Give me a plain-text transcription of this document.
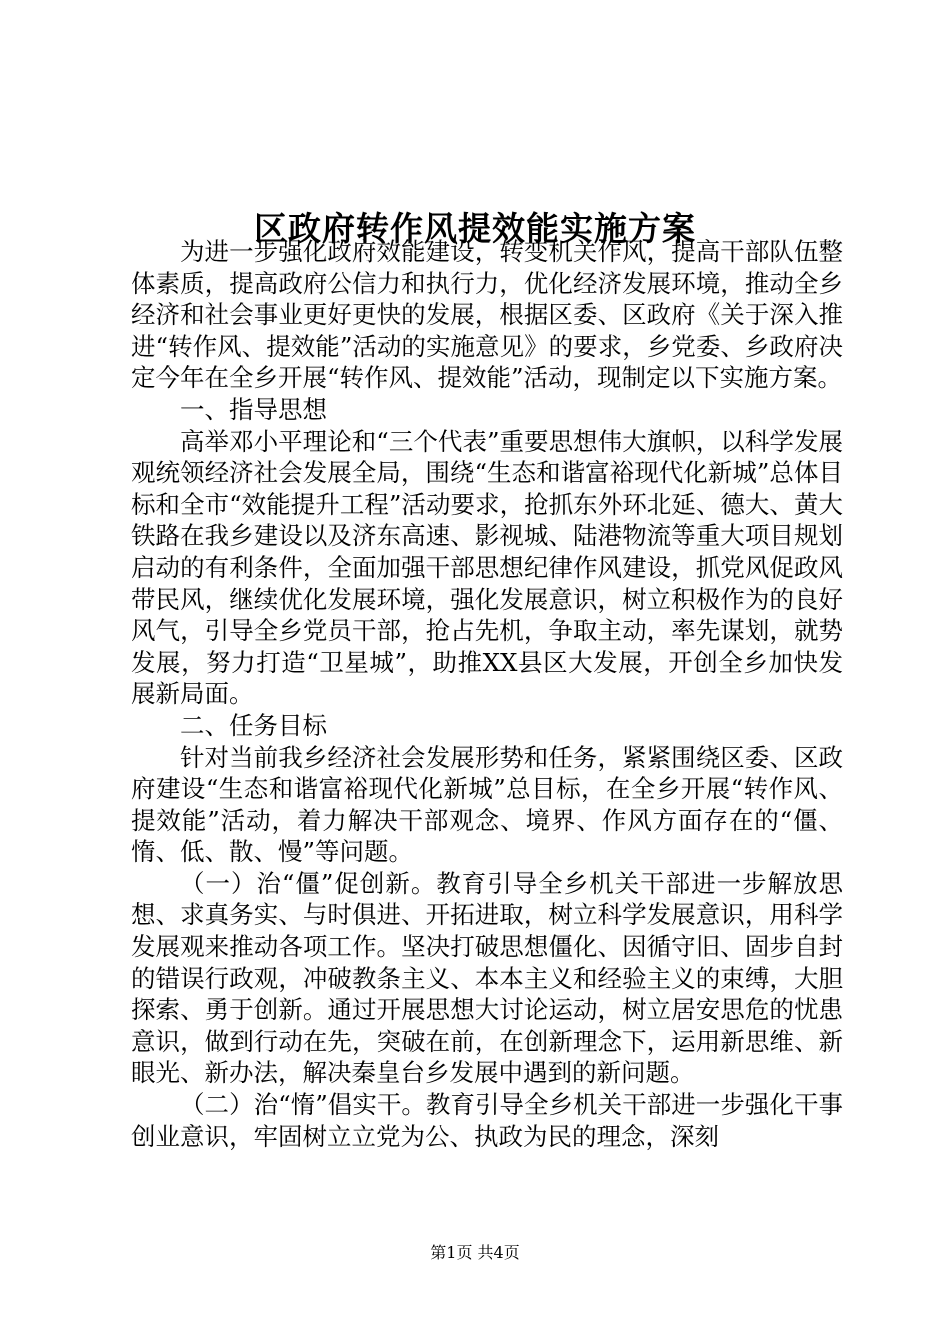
区政府转作风提效能实施方案

为进一步强化政府效能建设，转变机关作风，提高干部队伍整体素质，提高政府公信力和执行力，优化经济发展环境，推动全乡经济和社会事业更好更快的发展，根据区委、区政府《关于深入推进“转作风、提效能”活动的实施意见》的要求，乡党委、乡政府决定今年在全乡开展“转作风、提效能”活动，现制定以下实施方案。

一、指导思想

高举邓小平理论和“三个代表”重要思想伟大旗帜，以科学发展观统领经济社会发展全局，围绕“生态和谐富裕现代化新城”总体目标和全市“效能提升工程”活动要求，抢抓东外环北延、德大、黄大铁路在我乡建设以及济东高速、影视城、陆港物流等重大项目规划启动的有利条件，全面加强干部思想纪律作风建设，抓党风促政风带民风，继续优化发展环境，强化发展意识，树立积极作为的良好风气，引导全乡党员干部，抢占先机，争取主动，率先谋划，就势发展，努力打造“卫星城”，助推XX县区大发展，开创全乡加快发展新局面。

二、任务目标

针对当前我乡经济社会发展形势和任务，紧紧围绕区委、区政府建设“生态和谐富裕现代化新城”总目标，在全乡开展“转作风、提效能”活动，着力解决干部观念、境界、作风方面存在的“僵、惰、低、散、慢”等问题。

（一）治“僵”促创新。教育引导全乡机关干部进一步解放思想、求真务实、与时俱进、开拓进取，树立科学发展意识，用科学发展观来推动各项工作。坚决打破思想僵化、因循守旧、固步自封的错误行政观，冲破教条主义、本本主义和经验主义的束缚，大胆探索、勇于创新。通过开展思想大讨论运动，树立居安思危的忧患意识，做到行动在先，突破在前，在创新理念下，运用新思维、新眼光、新办法，解决秦皇台乡发展中遇到的新问题。

（二）治“惰”倡实干。教育引导全乡机关干部进一步强化干事创业意识，牢固树立立党为公、执政为民的理念，深刻

第1页 共4页
